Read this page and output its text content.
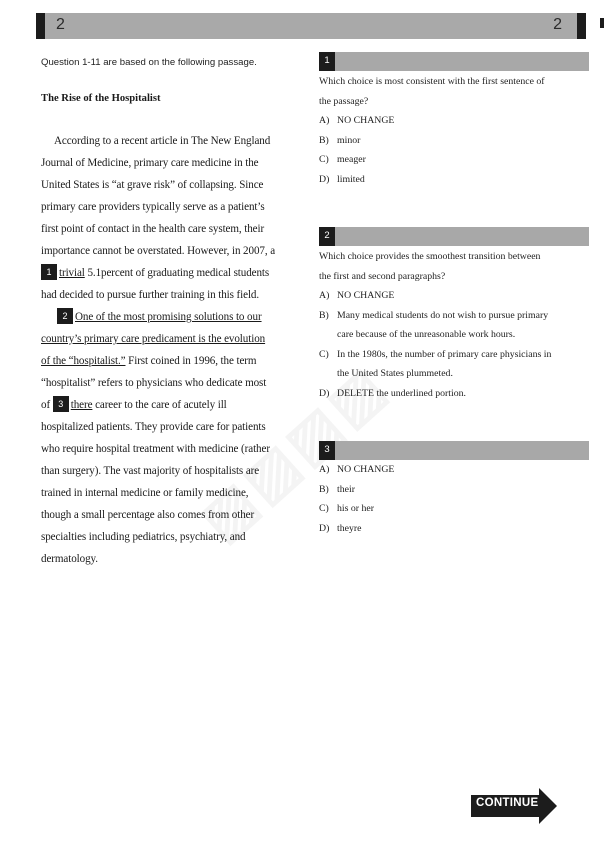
2	2
Question 1-11 are based on the following passage.
The Rise of the Hospitalist
According to a recent article in The New England
Journal of Medicine, primary care medicine in the
United States is “at grave risk” of collapsing. Since
primary care providers typically serve as a patient’s
first point of contact in the health care system, their
importance cannot be overstated. However, in 2007, a
1 trivial 5.1percent of graduating medical students
had decided to pursue further training in this field.
2 One of the most promising solutions to our
country’s primary care predicament is the evolution
of the “hospitalist.” First coined in 1996, the term
“hospitalist” refers to physicians who dedicate most
of 3 there career to the care of acutely ill
hospitalized patients. They provide care for patients
who require hospital treatment with medicine (rather
than surgery). The vast majority of hospitalists are
trained in internal medicine or family medicine,
though a small percentage also comes from other
specialties including pediatrics, psychiatry, and
dermatology.
1
Which choice is most consistent with the first sentence of
the passage?
A) NO CHANGE
B) minor
C) meager
D) limited
2
Which choice provides the smoothest transition between
the first and second paragraphs?
A) NO CHANGE
B) Many medical students do not wish to pursue primary
care because of the unreasonable work hours.
C) In the 1980s, the number of primary care physicians in
the United States plummeted.
D) DELETE the underlined portion.
3
A) NO CHANGE
B) their
C) his or her
D) theyre
CONTINUE
